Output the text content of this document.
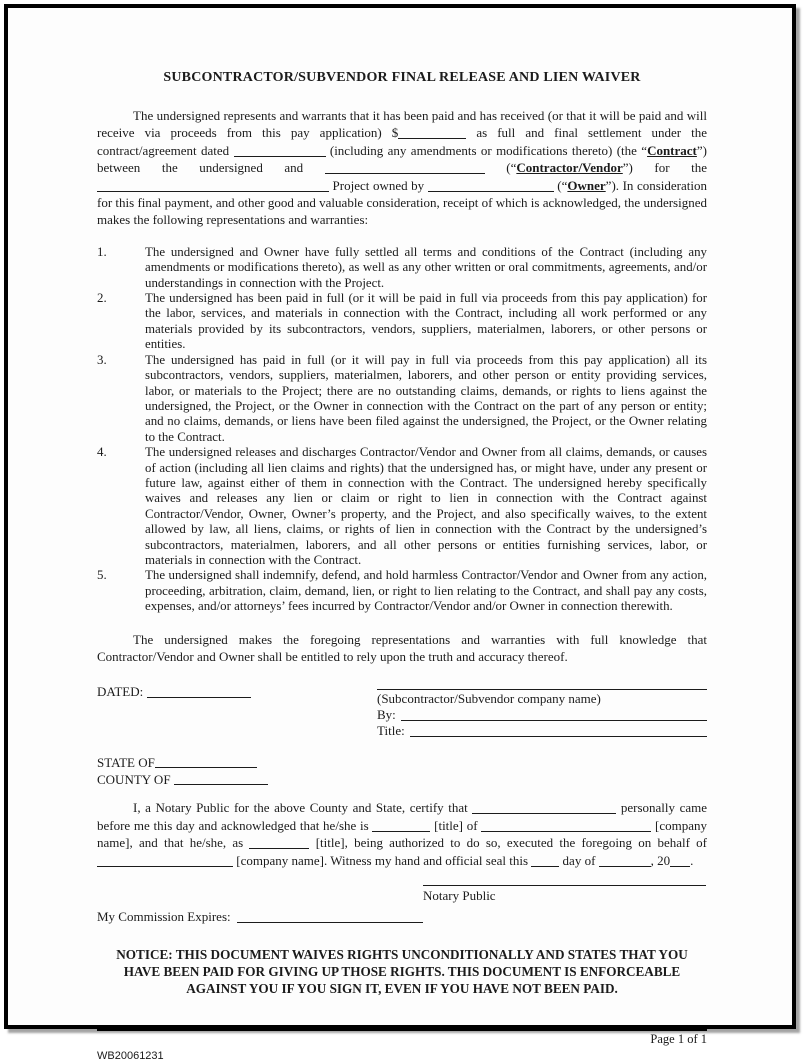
SUBCONTRACTOR/SUBVENDOR FINAL RELEASE AND LIEN WAIVER

The undersigned represents and warrants that it has been paid and has received (or that it will be paid and will receive via proceeds from this pay application) $	as full and final settlement under the contract/agreement dated	(including any amendments or modifications thereto) (the “Contract”) between the undersigned and	(“Contractor/Vendor”) for the  Project owned by	(“Owner”). In consideration for this final payment, and other good and valuable consideration, receipt of which is acknowledged, the undersigned makes the following representations and warranties:

1.	The undersigned and Owner have fully settled all terms and conditions of the Contract (including any amendments or modifications thereto), as well as any other written or oral commitments, agreements, and/or understandings in connection with the Project.
2.	The undersigned has been paid in full (or it will be paid in full via proceeds from this pay application) for the labor, services, and materials in connection with the Contract, including all work performed or any materials provided by its subcontractors, vendors, suppliers, materialmen, laborers, or other persons or entities.
3.	The undersigned has paid in full (or it will pay in full via proceeds from this pay application) all its subcontractors, vendors, suppliers, materialmen, laborers, and other person or entity providing services, labor, or materials to the Project; there are no outstanding claims, demands, or rights to liens against the undersigned, the Project, or the Owner in connection with the Contract on the part of any person or entity; and no claims, demands, or liens have been filed against the undersigned, the Project, or the Owner relating to the Contract.
4.	The undersigned releases and discharges Contractor/Vendor and Owner from all claims, demands, or causes of action (including all lien claims and rights) that the undersigned has, or might have, under any present or future law, against either of them in connection with the Contract. The undersigned hereby specifically waives and releases any lien or claim or right to lien in connection with the Contract against Contractor/Vendor, Owner, Owner’s property, and the Project, and also specifically waives, to the extent allowed by law, all liens, claims, or rights of lien in connection with the Contract by the undersigned’s subcontractors, materialmen, laborers, and all other persons or entities furnishing services, labor, or materials in connection with the Contract.
5.	The undersigned shall indemnify, defend, and hold harmless Contractor/Vendor and Owner from any action, proceeding, arbitration, claim, demand, lien, or right to lien relating to the Contract, and shall pay any costs, expenses, and/or attorneys’ fees incurred by Contractor/Vendor and/or Owner in connection therewith.

The undersigned makes the foregoing representations and warranties with full knowledge that Contractor/Vendor and Owner shall be entitled to rely upon the truth and accuracy thereof.

DATED:	(Subcontractor/Subvendor company name)
By:
Title:
STATE OF
COUNTY OF

I, a Notary Public for the above County and State, certify that	personally came before me this day and acknowledged that he/she is	[title] of	[company name], and that he/she, as	[title], being authorized to do so, executed the foregoing on behalf of  [company name]. Witness my hand and official seal this  day of	, 20 .

Notary Public
My Commission Expires:
NOTICE: THIS DOCUMENT WAIVES RIGHTS UNCONDITIONALLY AND STATES THAT YOU HAVE BEEN PAID FOR GIVING UP THOSE RIGHTS. THIS DOCUMENT IS ENFORCEABLE AGAINST YOU IF YOU SIGN IT, EVEN IF YOU HAVE NOT BEEN PAID.
Page 1 of 1
WB20061231
